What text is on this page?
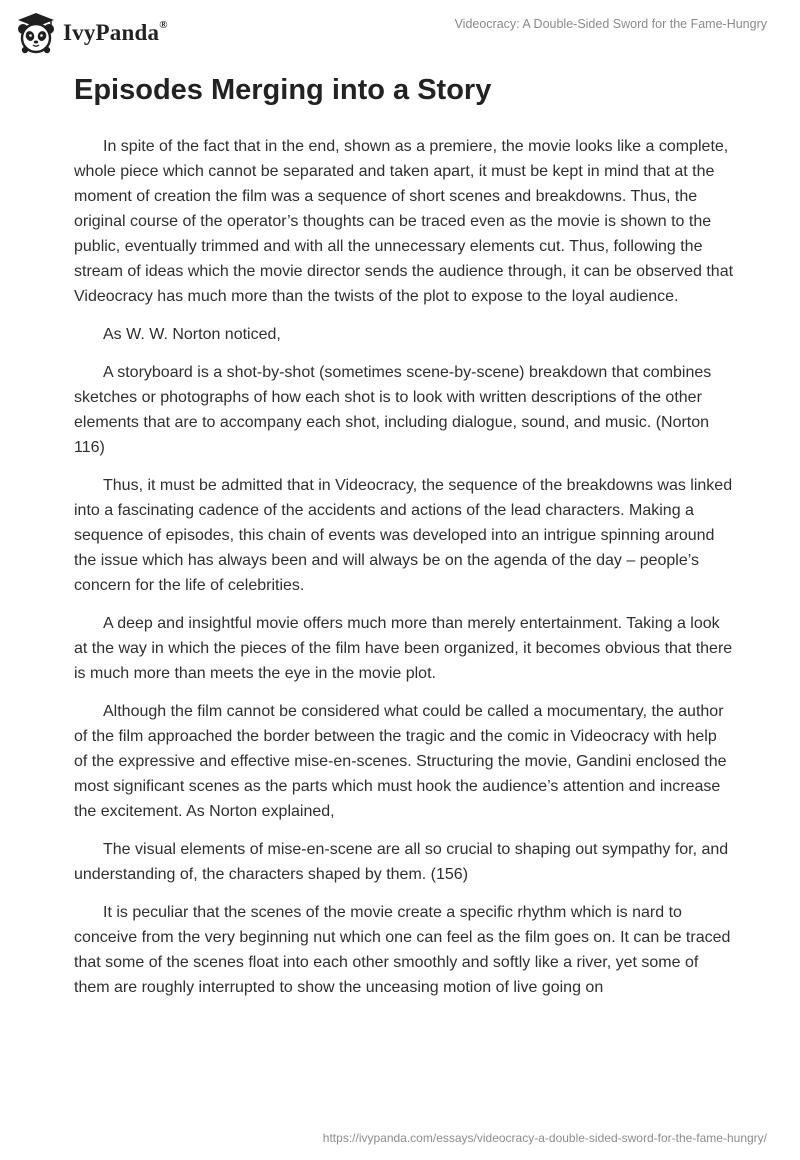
IvyPanda®	Videocracy: A Double-Sided Sword for the Fame-Hungry
Episodes Merging into a Story

In spite of the fact that in the end, shown as a premiere, the movie looks like a complete, whole piece which cannot be separated and taken apart, it must be kept in mind that at the moment of creation the film was a sequence of short scenes and breakdowns. Thus, the original course of the operator’s thoughts can be traced even as the movie is shown to the public, eventually trimmed and with all the unnecessary elements cut. Thus, following the stream of ideas which the movie director sends the audience through, it can be observed that Videocracy has much more than the twists of the plot to expose to the loyal audience.

As W. W. Norton noticed,

A storyboard is a shot-by-shot (sometimes scene-by-scene) breakdown that combines sketches or photographs of how each shot is to look with written descriptions of the other elements that are to accompany each shot, including dialogue, sound, and music. (Norton 116)

Thus, it must be admitted that in Videocracy, the sequence of the breakdowns was linked into a fascinating cadence of the accidents and actions of the lead characters. Making a sequence of episodes, this chain of events was developed into an intrigue spinning around the issue which has always been and will always be on the agenda of the day – people’s concern for the life of celebrities.

A deep and insightful movie offers much more than merely entertainment. Taking a look at the way in which the pieces of the film have been organized, it becomes obvious that there is much more than meets the eye in the movie plot.

Although the film cannot be considered what could be called a mocumentary, the author of the film approached the border between the tragic and the comic in Videocracy with help of the expressive and effective mise-en-scenes. Structuring the movie, Gandini enclosed the most significant scenes as the parts which must hook the audience’s attention and increase the excitement. As Norton explained,

The visual elements of mise-en-scene are all so crucial to shaping out sympathy for, and understanding of, the characters shaped by them. (156)

It is peculiar that the scenes of the movie create a specific rhythm which is nard to conceive from the very beginning nut which one can feel as the film goes on. It can be traced that some of the scenes float into each other smoothly and softly like a river, yet some of them are roughly interrupted to show the unceasing motion of live going on

https://ivypanda.com/essays/videocracy-a-double-sided-sword-for-the-fame-hungry/
